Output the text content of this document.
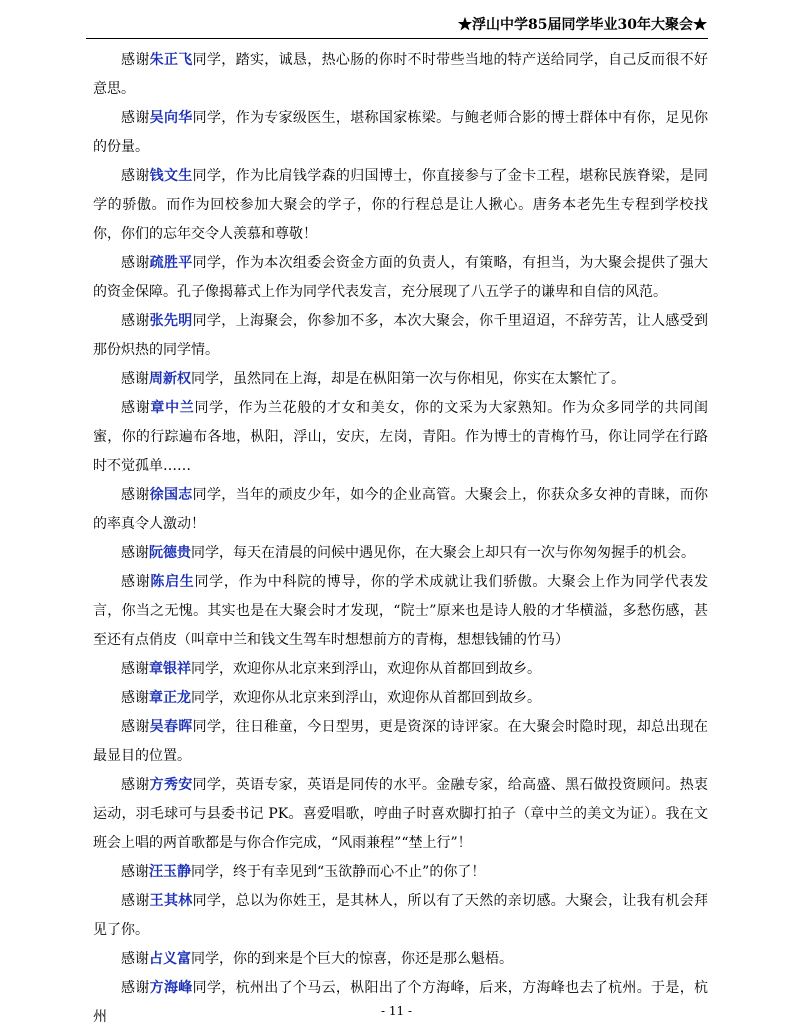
★浮山中学85届同学毕业30年大聚会★

感谢朱正飞同学，踏实，诚恳，热心肠的你时不时带些当地的特产送给同学，自己反而很不好意思。

感谢吴向华同学，作为专家级医生，堪称国家栋梁。与鲍老师合影的博士群体中有你，足见你的份量。

感谢钱文生同学，作为比肩钱学森的归国博士，你直接参与了金卡工程，堪称民族脊梁，是同学的骄傲。而作为回校参加大聚会的学子，你的行程总是让人揪心。唐务本老先生专程到学校找你，你们的忘年交令人羡慕和尊敬！

感谢疏胜平同学，作为本次组委会资金方面的负责人，有策略，有担当，为大聚会提供了强大的资金保障。孔子像揭幕式上作为同学代表发言，充分展现了八五学子的谦卑和自信的风范。

感谢张先明同学，上海聚会，你参加不多，本次大聚会，你千里迢迢，不辞劳苦，让人感受到那份炽热的同学情。

感谢周新权同学，虽然同在上海，却是在枞阳第一次与你相见，你实在太繁忙了。

感谢章中兰同学，作为兰花般的才女和美女，你的文采为大家熟知。作为众多同学的共同闺蜜，你的行踪遍布各地，枞阳，浮山，安庆，左岗，青阳。作为博士的青梅竹马，你让同学在行路时不觉孤单……

感谢徐国志同学，当年的顽皮少年，如今的企业高管。大聚会上，你获众多女神的青睐，而你的率真令人激动！

感谢阮德贵同学，每天在清晨的问候中遇见你，在大聚会上却只有一次与你匆匆握手的机会。

感谢陈启生同学，作为中科院的博导，你的学术成就让我们骄傲。大聚会上作为同学代表发言，你当之无愧。其实也是在大聚会时才发现，“院士”原来也是诗人般的才华横溢，多愁伤感，甚至还有点俏皮（叫章中兰和钱文生驾车时想想前方的青梅，想想钱铺的竹马）

感谢章银祥同学，欢迎你从北京来到浮山，欢迎你从首都回到故乡。

感谢章正龙同学，欢迎你从北京来到浮山，欢迎你从首都回到故乡。

感谢吴春晖同学，往日稚童，今日型男，更是资深的诗评家。在大聚会时隐时现，却总出现在最显目的位置。

感谢方秀安同学，英语专家，英语是同传的水平。金融专家，给高盛、黑石做投资顾问。热衷运动，羽毛球可与县委书记 PK。喜爱唱歌，哼曲子时喜欢脚打拍子（章中兰的美文为证）。我在文班会上唱的两首歌都是与你合作完成，“风雨兼程”“埜上行”！

感谢汪玉静同学，终于有幸见到“玉欲静而心不止”的你了！

感谢王其林同学，总以为你姓王，是其林人，所以有了天然的亲切感。大聚会，让我有机会拜见了你。

感谢占义富同学，你的到来是个巨大的惊喜，你还是那么魁梧。

感谢方海峰同学，杭州出了个马云，枞阳出了个方海峰，后来，方海峰也去了杭州。于是，杭州	- 11 -
